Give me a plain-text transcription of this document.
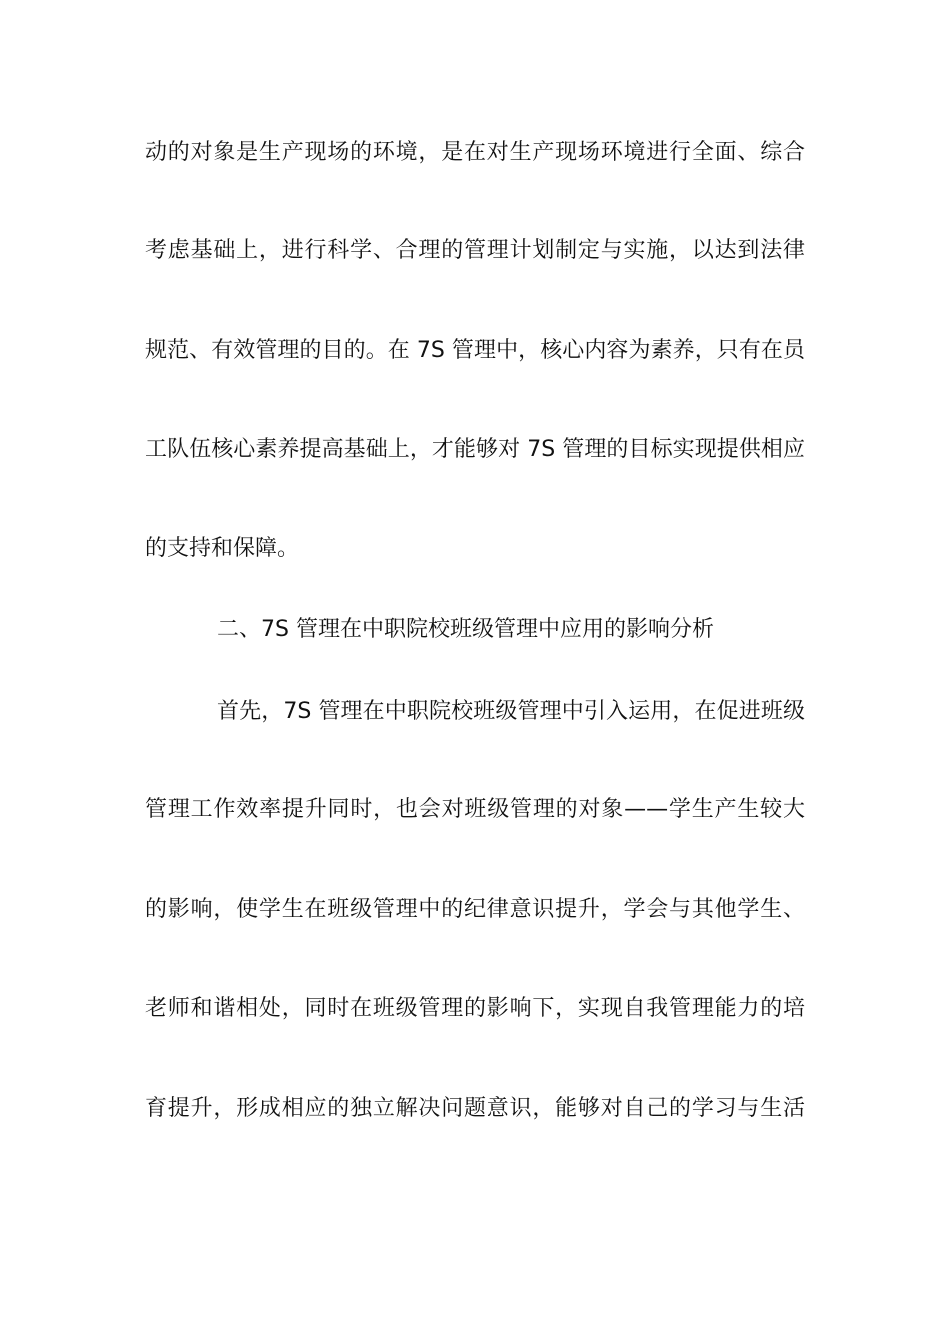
动的对象是生产现场的环境，是在对生产现场环境进行全面、综合
考虑基础上，进行科学、合理的管理计划制定与实施，以达到法律
规范、有效管理的目的。在 7S 管理中，核心内容为素养，只有在员
工队伍核心素养提高基础上，才能够对 7S 管理的目标实现提供相应
的支持和保障。
二、7S 管理在中职院校班级管理中应用的影响分析
首先，7S 管理在中职院校班级管理中引入运用，在促进班级
管理工作效率提升同时，也会对班级管理的对象——学生产生较大
的影响，使学生在班级管理中的纪律意识提升，学会与其他学生、
老师和谐相处，同时在班级管理的影响下，实现自我管理能力的培
育提升，形成相应的独立解决问题意识，能够对自己的学习与生活
